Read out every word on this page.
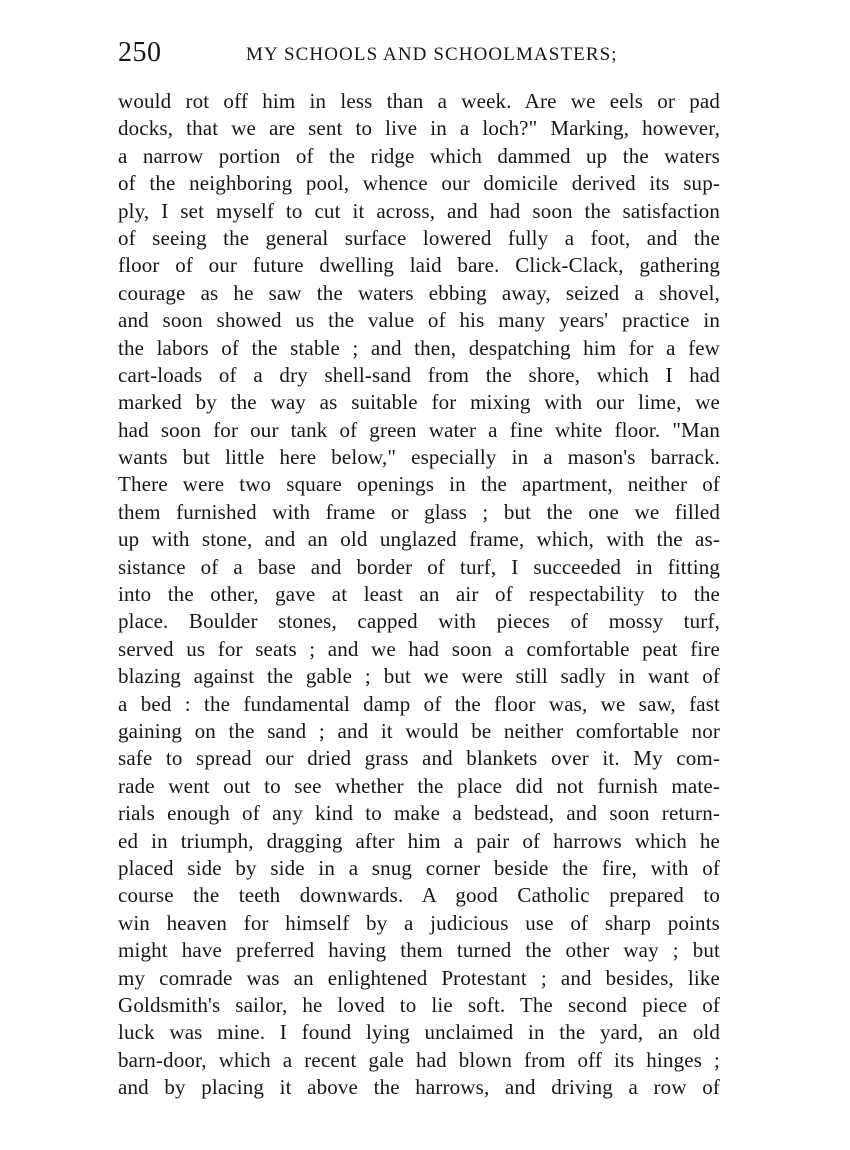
250	MY SCHOOLS AND SCHOOLMASTERS;
would rot off him in less than a week. Are we eels or pad
docks, that we are sent to live in a loch?" Marking, however,
a narrow portion of the ridge which dammed up the waters
of the neighboring pool, whence our domicile derived its sup-
ply, I set myself to cut it across, and had soon the satisfaction
of seeing the general surface lowered fully a foot, and the
floor of our future dwelling laid bare. Click-Clack, gathering
courage as he saw the waters ebbing away, seized a shovel,
and soon showed us the value of his many years' practice in
the labors of the stable ; and then, despatching him for a few
cart-loads of a dry shell-sand from the shore, which I had
marked by the way as suitable for mixing with our lime, we
had soon for our tank of green water a fine white floor. "Man
wants but little here below," especially in a mason's barrack.
There were two square openings in the apartment, neither of
them furnished with frame or glass ; but the one we filled
up with stone, and an old unglazed frame, which, with the as-
sistance of a base and border of turf, I succeeded in fitting
into the other, gave at least an air of respectability to the
place. Boulder stones, capped with pieces of mossy turf,
served us for seats ; and we had soon a comfortable peat fire
blazing against the gable ; but we were still sadly in want of
a bed : the fundamental damp of the floor was, we saw, fast
gaining on the sand ; and it would be neither comfortable nor
safe to spread our dried grass and blankets over it. My com-
rade went out to see whether the place did not furnish mate-
rials enough of any kind to make a bedstead, and soon return-
ed in triumph, dragging after him a pair of harrows which he
placed side by side in a snug corner beside the fire, with of
course the teeth downwards. A good Catholic prepared to
win heaven for himself by a judicious use of sharp points
might have preferred having them turned the other way ; but
my comrade was an enlightened Protestant ; and besides, like
Goldsmith's sailor, he loved to lie soft. The second piece of
luck was mine. I found lying unclaimed in the yard, an old
barn-door, which a recent gale had blown from off its hinges ;
and by placing it above the harrows, and driving a row of
